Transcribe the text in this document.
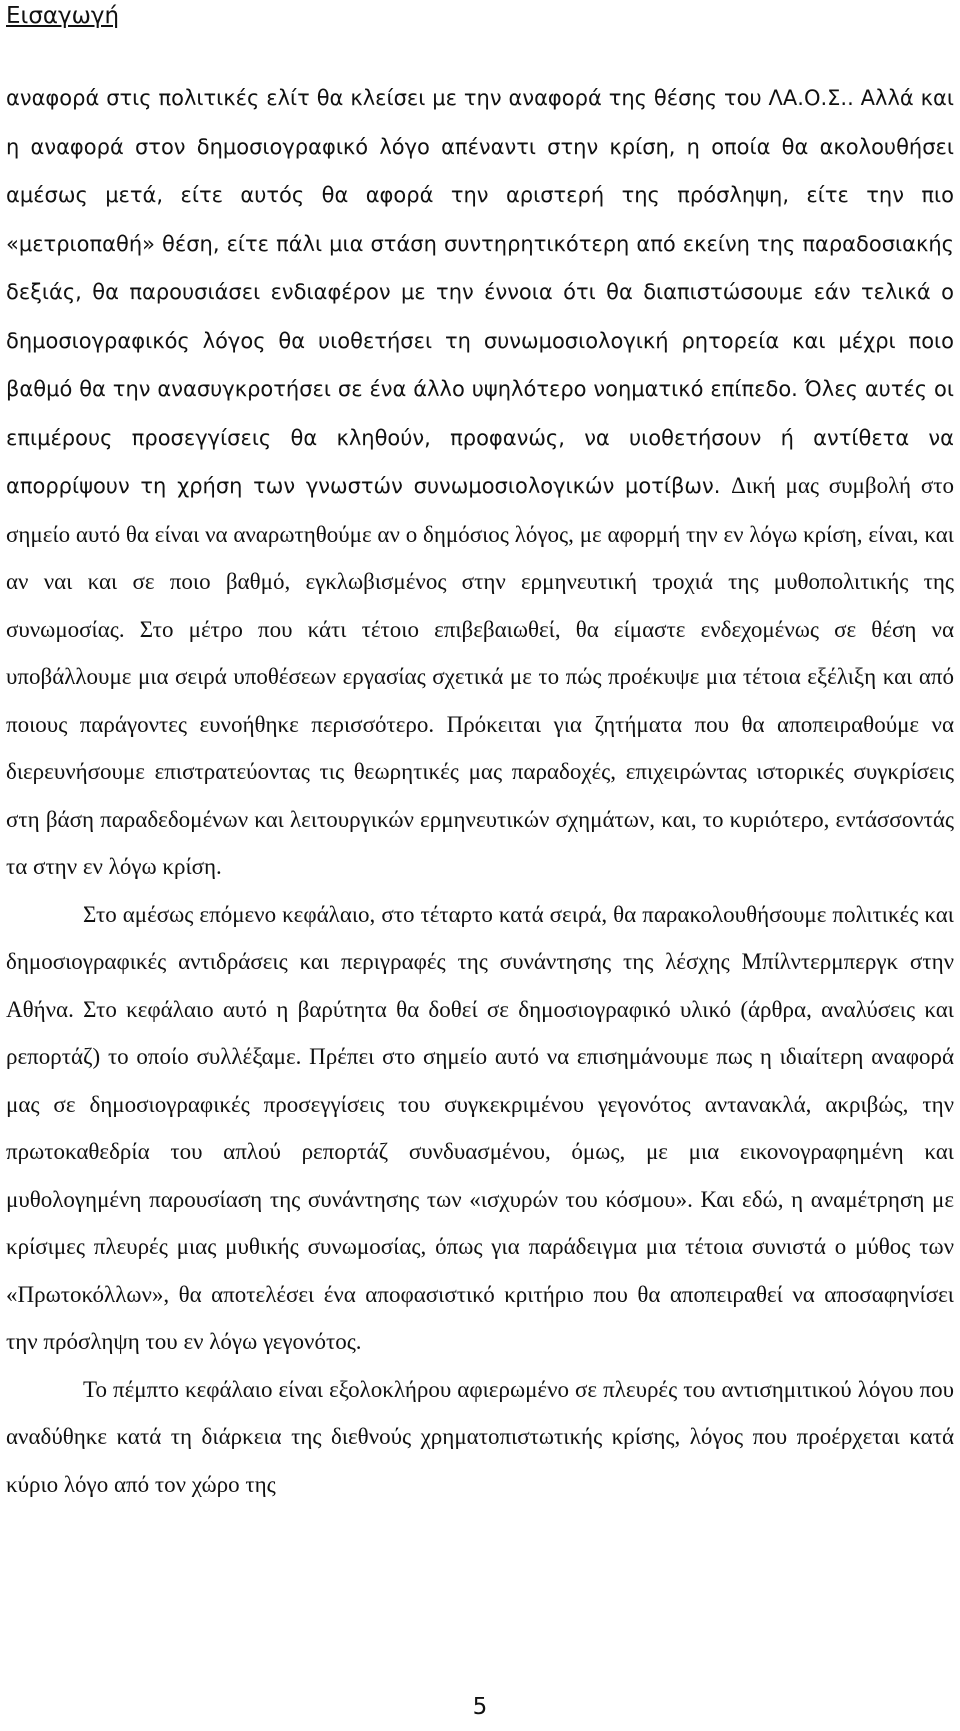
Εισαγωγή

αναφορά στις πολιτικές ελίτ θα κλείσει με την αναφορά της θέσης του ΛΑ.Ο.Σ.. Αλλά και η αναφορά στον δημοσιογραφικό λόγο απέναντι στην κρίση, η οποία θα ακολουθήσει αμέσως μετά, είτε αυτός θα αφορά την αριστερή της πρόσληψη, είτε την πιο «μετριοπαθή» θέση, είτε πάλι μια στάση συντηρητικότερη από εκείνη της παραδοσιακής δεξιάς, θα παρουσιάσει ενδιαφέρον με την έννοια ότι θα διαπιστώσουμε εάν τελικά ο δημοσιογραφικός λόγος θα υιοθετήσει τη συνωμοσιολογική ρητορεία και μέχρι ποιο βαθμό θα την ανασυγκροτήσει σε ένα άλλο υψηλότερο νοηματικό επίπεδο. Όλες αυτές οι επιμέρους προσεγγίσεις θα κληθούν, προφανώς, να υιοθετήσουν ή αντίθετα να απορρίψουν τη χρήση των γνωστών συνωμοσιολογικών μοτίβων. Δική μας συμβολή στο σημείο αυτό θα είναι να αναρωτηθούμε αν ο δημόσιος λόγος, με αφορμή την εν λόγω κρίση, είναι, και αν ναι και σε ποιο βαθμό, εγκλωβισμένος στην ερμηνευτική τροχιά της μυθοπολιτικής της συνωμοσίας. Στο μέτρο που κάτι τέτοιο επιβεβαιωθεί, θα είμαστε ενδεχομένως σε θέση να υποβάλλουμε μια σειρά υποθέσεων εργασίας σχετικά με το πώς προέκυψε μια τέτοια εξέλιξη και από ποιους παράγοντες ευνοήθηκε περισσότερο. Πρόκειται για ζητήματα που θα αποπειραθούμε να διερευνήσουμε επιστρατεύοντας τις θεωρητικές μας παραδοχές, επιχειρώντας ιστορικές συγκρίσεις στη βάση παραδεδομένων και λειτουργικών ερμηνευτικών σχημάτων, και, το κυριότερο, εντάσσοντάς τα στην εν λόγω κρίση.

Στο αμέσως επόμενο κεφάλαιο, στο τέταρτο κατά σειρά, θα παρακολουθήσουμε πολιτικές και δημοσιογραφικές αντιδράσεις και περιγραφές της συνάντησης της λέσχης Μπίλντερμπεργκ στην Αθήνα. Στο κεφάλαιο αυτό η βαρύτητα θα δοθεί σε δημοσιογραφικό υλικό (άρθρα, αναλύσεις και ρεπορτάζ) το οποίο συλλέξαμε. Πρέπει στο σημείο αυτό να επισημάνουμε πως η ιδιαίτερη αναφορά μας σε δημοσιογραφικές προσεγγίσεις του συγκεκριμένου γεγονότος αντανακλά, ακριβώς, την πρωτοκαθεδρία του απλού ρεπορτάζ συνδυασμένου, όμως, με μια εικονογραφημένη και μυθολογημένη παρουσίαση της συνάντησης των «ισχυρών του κόσμου». Και εδώ, η αναμέτρηση με κρίσιμες πλευρές μιας μυθικής συνωμοσίας, όπως για παράδειγμα μια τέτοια συνιστά ο μύθος των «Πρωτοκόλλων», θα αποτελέσει ένα αποφασιστικό κριτήριο που θα αποπειραθεί να αποσαφηνίσει την πρόσληψη του εν λόγω γεγονότος.

Το πέμπτο κεφάλαιο είναι εξολοκλήρου αφιερωμένο σε πλευρές του αντισημιτικού λόγου που αναδύθηκε κατά τη διάρκεια της διεθνούς χρηματοπιστωτικής κρίσης, λόγος που προέρχεται κατά κύριο λόγο από τον χώρο της

5
